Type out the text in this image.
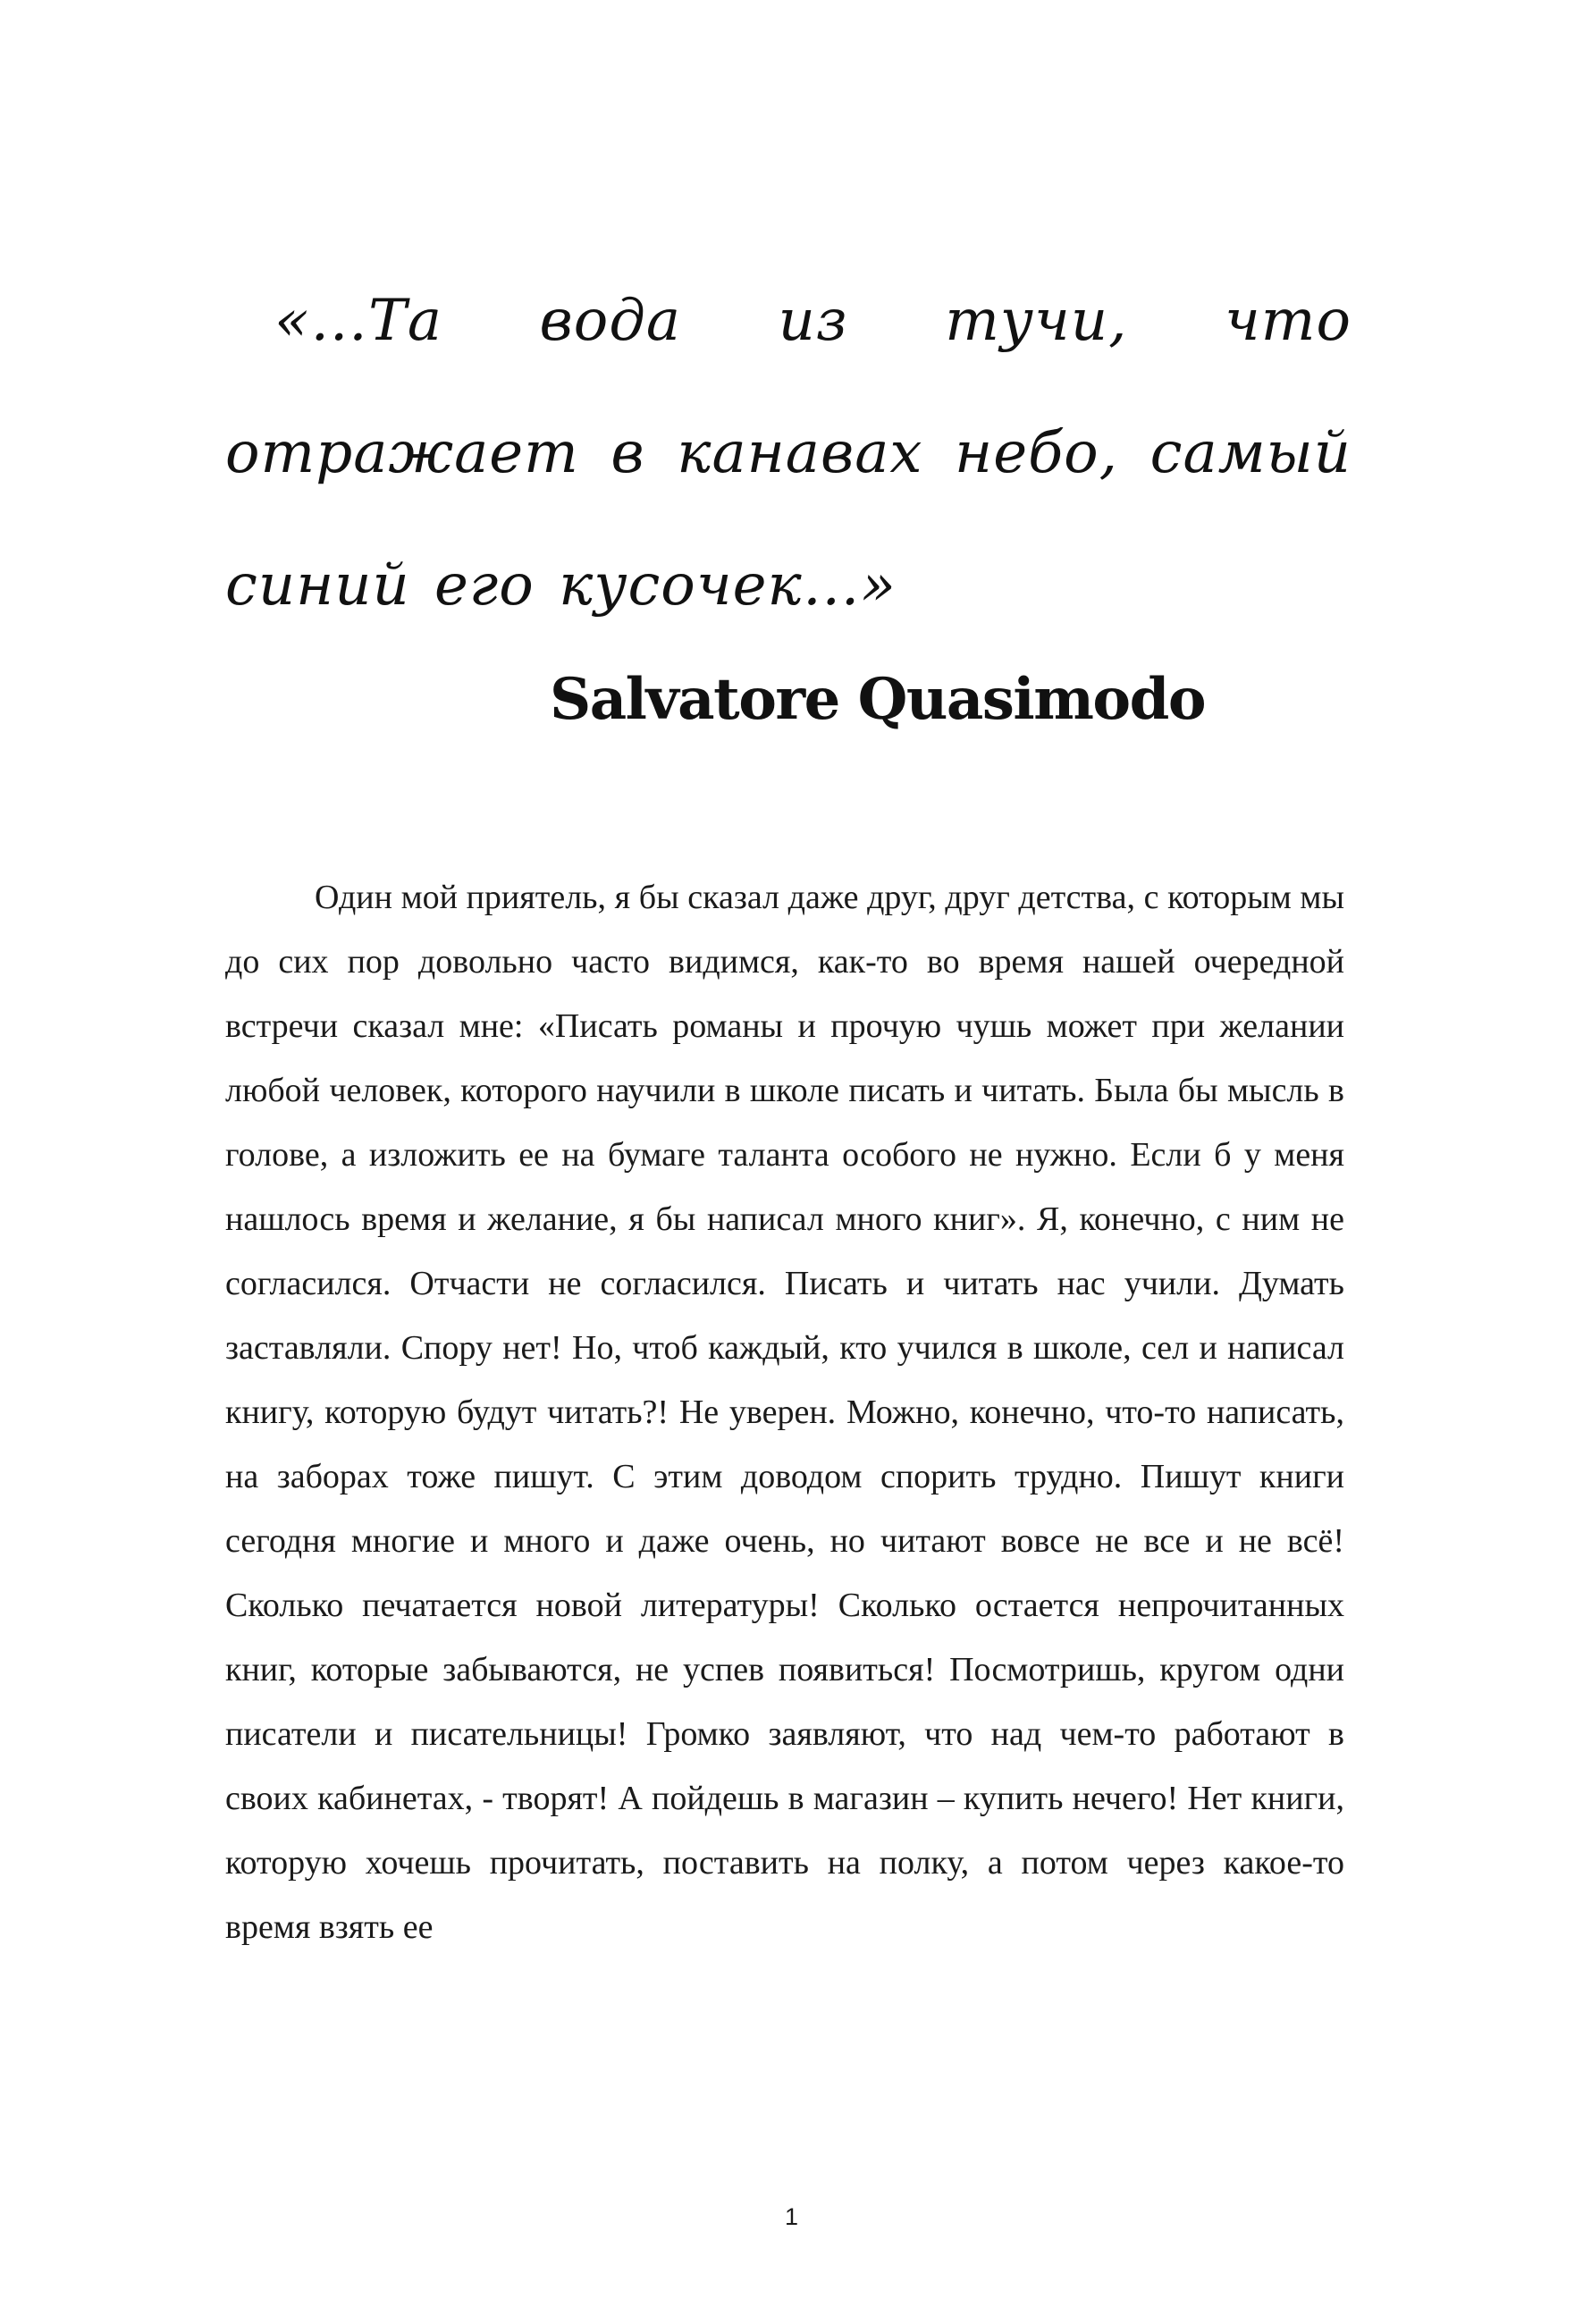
«…Та вода из тучи, что отражает в канавах небо, самый синий его кусочек…»
Salvatore Quasimodo

Один мой приятель, я бы сказал даже друг, друг детства, с которым мы до сих пор довольно часто видимся, как-то во время нашей очередной встречи сказал мне: «Писать романы и прочую чушь может при желании любой человек, которого научили в школе писать и читать. Была бы мысль в голове, а изложить ее на бумаге таланта особого не нужно. Если б у меня нашлось время и желание, я бы написал много книг». Я, конечно, с ним не согласился. Отчасти не согласился. Писать и читать нас учили. Думать заставляли. Спору нет! Но, чтоб каждый, кто учился в школе, сел и написал книгу, которую будут читать?! Не уверен. Можно, конечно, что-то написать, на заборах тоже пишут. С этим доводом спорить трудно. Пишут книги сегодня многие и много и даже очень, но читают вовсе не все и не всё! Сколько печатается новой литературы! Сколько остается непрочитанных книг, которые забываются, не успев появиться! Посмотришь, кругом одни писатели и писательницы! Громко заявляют, что над чем-то работают в своих кабинетах, - творят! А пойдешь в магазин – купить нечего! Нет книги, которую хочешь прочитать, поставить на полку, а потом через какое-то время взять ее

1
